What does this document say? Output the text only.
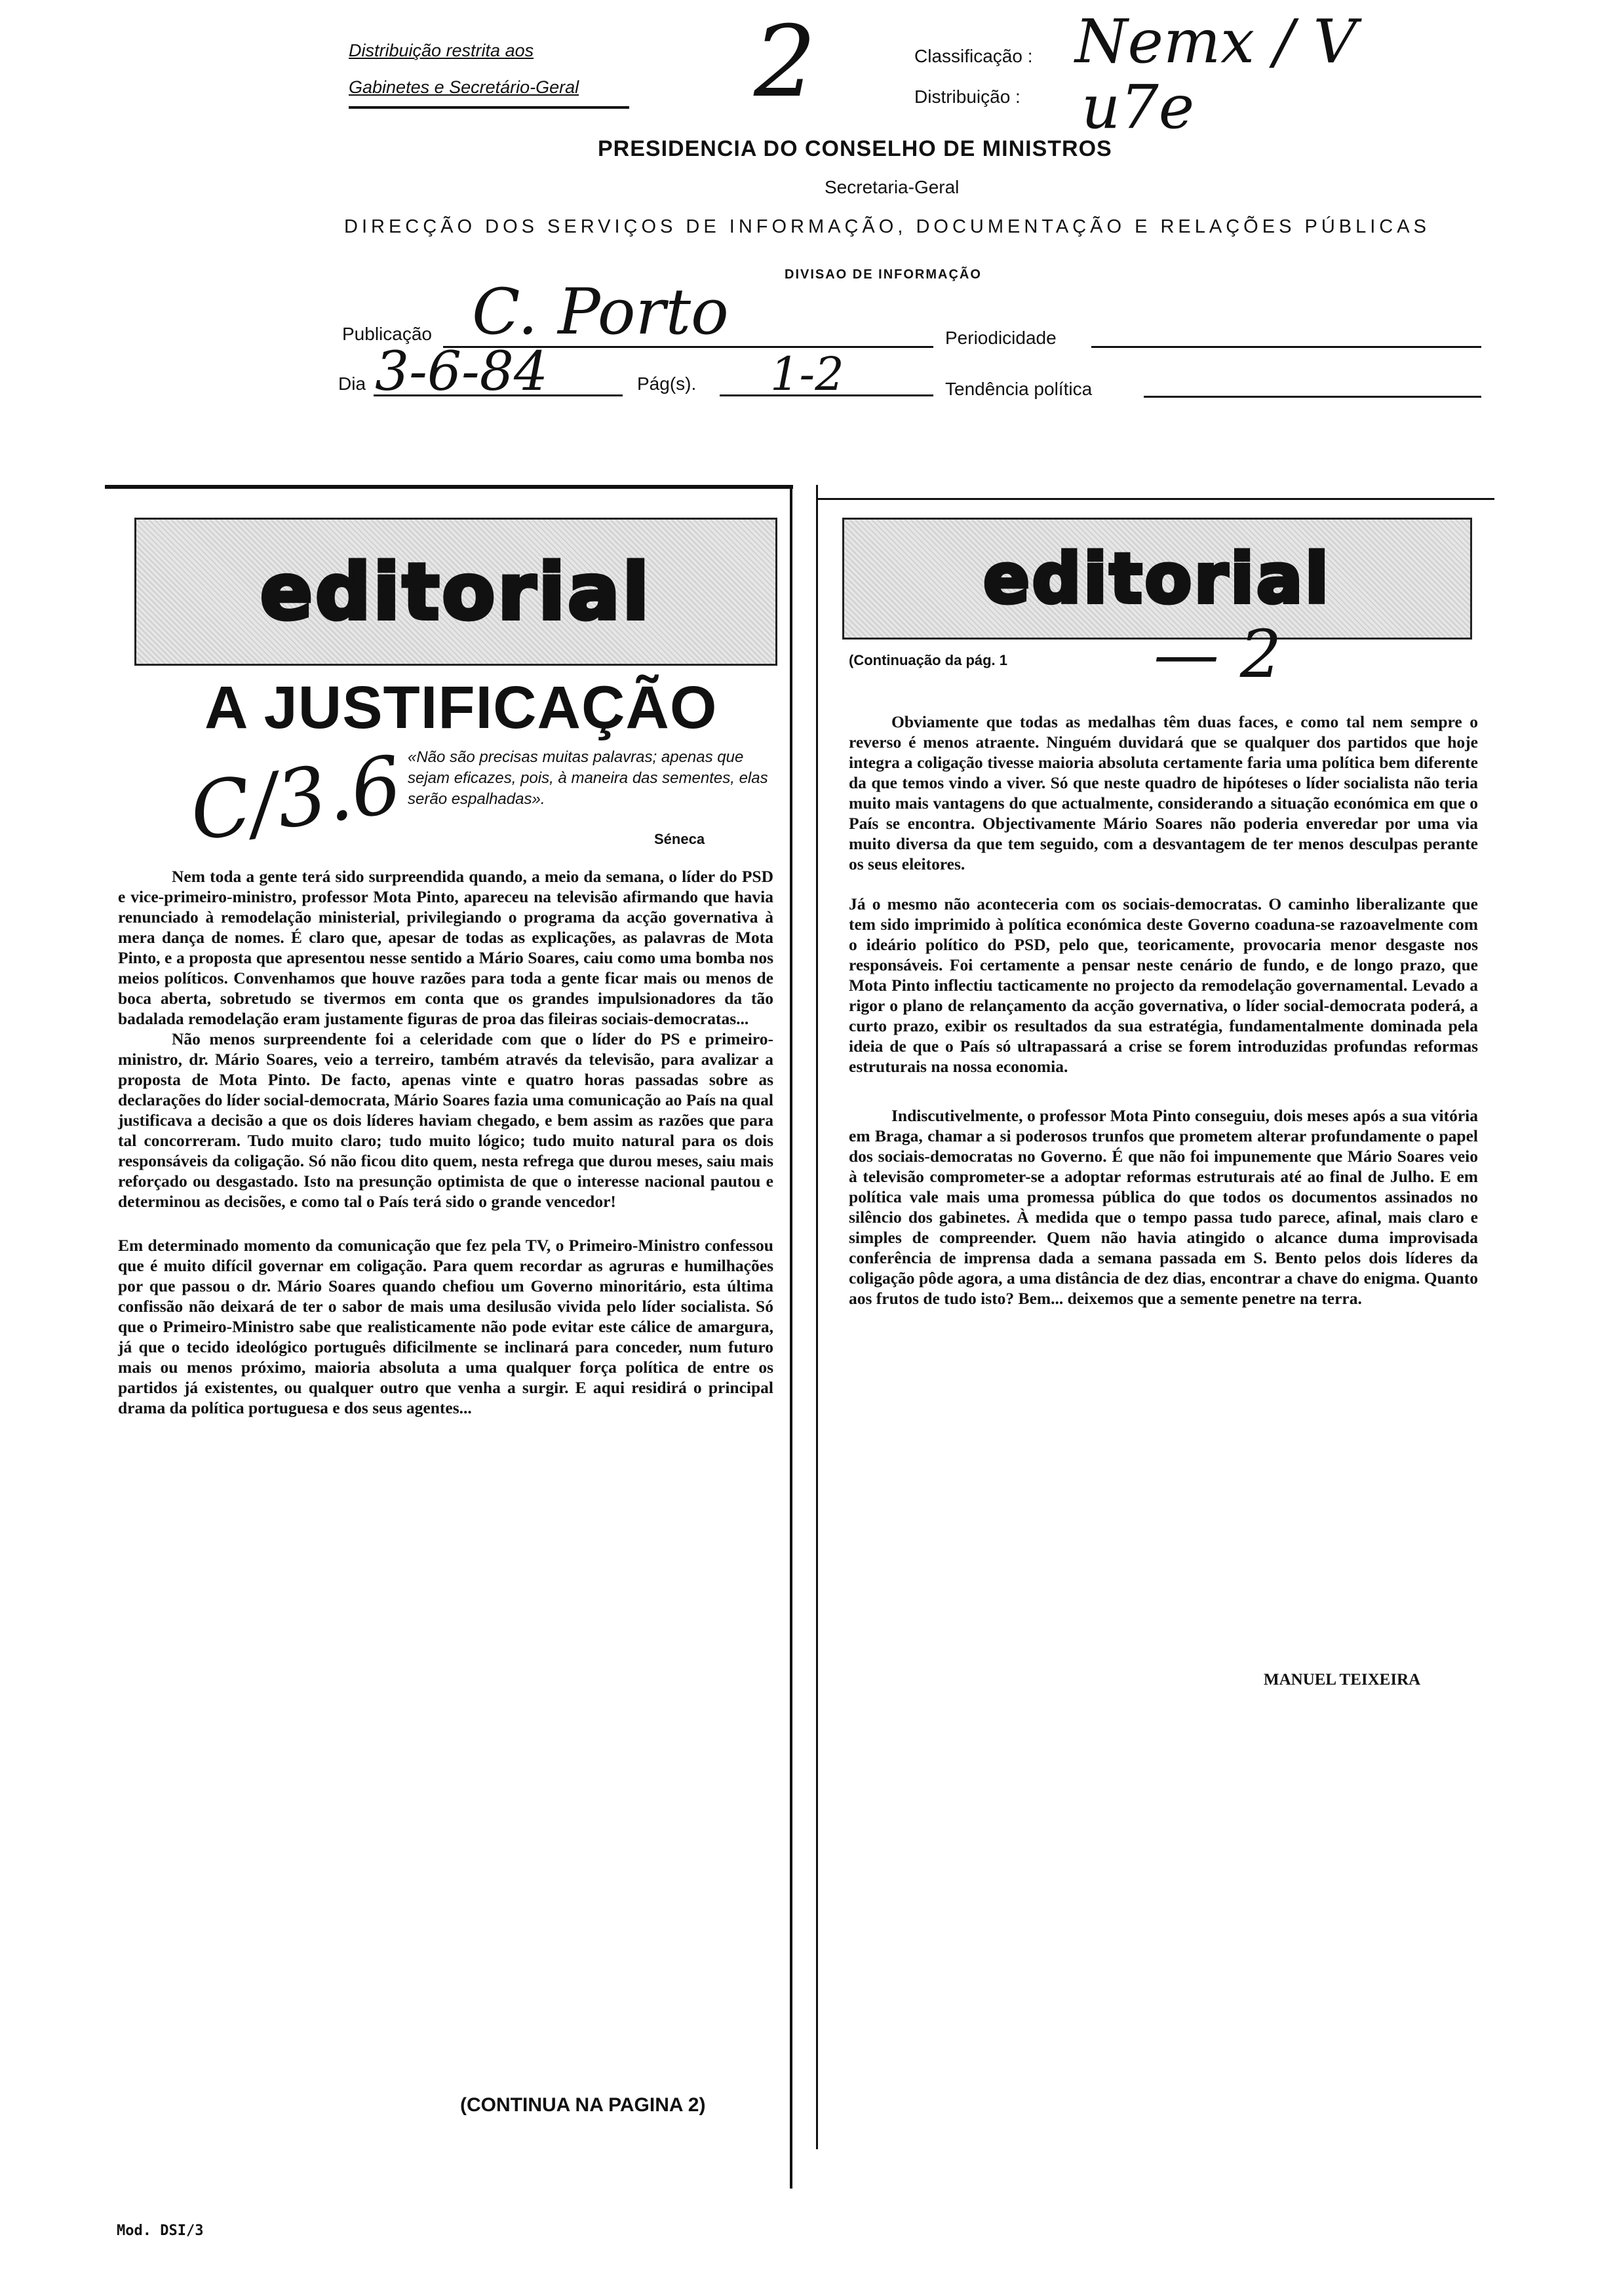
Distribuição restrita aos
Gabinetes e Secretário-Geral 2	Classificação : Nemx / V
Distribuição : u7e
PRESIDENCIA DO CONSELHO DE MINISTROS
Secretaria-Geral
DIRECÇÃO DOS SERVIÇOS DE INFORMAÇÃO, DOCUMENTAÇÃO E RELAÇÕES PÚBLICAS
DIVISAO DE INFORMAÇÃO
Publicação C. Porto	Periodicidade
Dia 3-6-84	Pág(s). 1-2	Tendência política
editorial
A JUSTIFICAÇÃO
C/3.6 «Não são precisas muitas palavras; apenas que sejam eficazes, pois, à maneira das sementes, elas serão espalhadas».
Séneca

Nem toda a gente terá sido surpreendida quando, a meio da semana, o líder do PSD e vice-primeiro-ministro, professor Mota Pinto, apareceu na televisão afirmando que havia renunciado à remodelação ministerial, privilegiando o programa da acção governativa à mera dança de nomes. É claro que, apesar de todas as explicações, as palavras de Mota Pinto, e a proposta que apresentou nesse sentido a Mário Soares, caiu como uma bomba nos meios políticos. Convenhamos que houve razões para toda a gente ficar mais ou menos de boca aberta, sobretudo se tivermos em conta que os grandes impulsionadores da tão badalada remodelação eram justamente figuras de proa das fileiras sociais-democratas...

Não menos surpreendente foi a celeridade com que o líder do PS e primeiro-ministro, dr. Mário Soares, veio a terreiro, também através da televisão, para avalizar a proposta de Mota Pinto. De facto, apenas vinte e quatro horas passadas sobre as declarações do líder social-democrata, Mário Soares fazia uma comunicação ao País na qual justificava a decisão a que os dois líderes haviam chegado, e bem assim as razões que para tal concorreram. Tudo muito claro; tudo muito lógico; tudo muito natural para os dois responsáveis da coligação. Só não ficou dito quem, nesta refrega que durou meses, saiu mais reforçado ou desgastado. Isto na presunção optimista de que o interesse nacional pautou e determinou as decisões, e como tal o País terá sido o grande vencedor!

Em determinado momento da comunicação que fez pela TV, o Primeiro-Ministro confessou que é muito difícil governar em coligação. Para quem recordar as agruras e humilhações por que passou o dr. Mário Soares quando chefiou um Governo minoritário, esta última confissão não deixará de ter o sabor de mais uma desilusão vivida pelo líder socialista. Só que o Primeiro-Ministro sabe que realisticamente não pode evitar este cálice de amargura, já que o tecido ideológico português dificilmente se inclinará para conceder, num futuro mais ou menos próximo, maioria absoluta a uma qualquer força política de entre os partidos já existentes, ou qualquer outro que venha a surgir. E aqui residirá o principal drama da política portuguesa e dos seus agentes...

(CONTINUA NA PAGINA 2)
editorial
(Continuação da pág. 1 — 2

Obviamente que todas as medalhas têm duas faces, e como tal nem sempre o reverso é menos atraente. Ninguém duvidará que se qualquer dos partidos que hoje integra a coligação tivesse maioria absoluta certamente faria uma política bem diferente da que temos vindo a viver. Só que neste quadro de hipóteses o líder socialista não teria muito mais vantagens do que actualmente, considerando a situação económica em que o País se encontra. Objectivamente Mário Soares não poderia enveredar por uma via muito diversa da que tem seguido, com a desvantagem de ter menos desculpas perante os seus eleitores.

Já o mesmo não aconteceria com os sociais-democratas. O caminho liberalizante que tem sido imprimido à política económica deste Governo coaduna-se razoavelmente com o ideário político do PSD, pelo que, teoricamente, provocaria menor desgaste nos responsáveis. Foi certamente a pensar neste cenário de fundo, e de longo prazo, que Mota Pinto inflectiu tacticamente no projecto da remodelação governamental. Levado a rigor o plano de relançamento da acção governativa, o líder social-democrata poderá, a curto prazo, exibir os resultados da sua estratégia, fundamentalmente dominada pela ideia de que o País só ultrapassará a crise se forem introduzidas profundas reformas estruturais na nossa economia.

Indiscutivelmente, o professor Mota Pinto conseguiu, dois meses após a sua vitória em Braga, chamar a si poderosos trunfos que prometem alterar profundamente o papel dos sociais-democratas no Governo. É que não foi impunemente que Mário Soares veio à televisão comprometer-se a adoptar reformas estruturais até ao final de Julho. E em política vale mais uma promessa pública do que todos os documentos assinados no silêncio dos gabinetes. À medida que o tempo passa tudo parece, afinal, mais claro e simples de compreender. Quem não havia atingido o alcance duma improvisada conferência de imprensa dada a semana passada em S. Bento pelos dois líderes da coligação pôde agora, a uma distância de dez dias, encontrar a chave do enigma. Quanto aos frutos de tudo isto? Bem... deixemos que a semente penetre na terra.

MANUEL TEIXEIRA
Mod. DSI/3
